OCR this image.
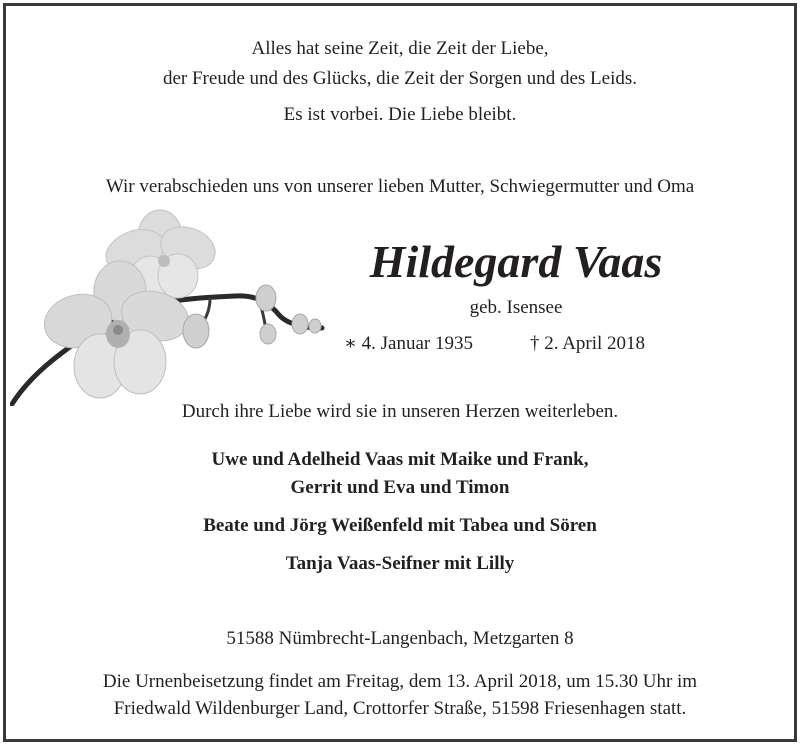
Alles hat seine Zeit, die Zeit der Liebe,
der Freude und des Glücks, die Zeit der Sorgen und des Leids.
Es ist vorbei. Die Liebe bleibt.
Wir verabschieden uns von unserer lieben Mutter, Schwiegermutter und Oma
Hildegard Vaas
geb. Isensee
∗ 4. Januar 1935	† 2. April 2018
Durch ihre Liebe wird sie in unseren Herzen weiterleben.
Uwe und Adelheid Vaas mit Maike und Frank,
Gerrit und Eva und Timon
Beate und Jörg Weißenfeld mit Tabea und Sören
Tanja Vaas-Seifner mit Lilly
51588 Nümbrecht-Langenbach, Metzgarten 8
Die Urnenbeisetzung findet am Freitag, dem 13. April 2018, um 15.30 Uhr im
Friedwald Wildenburger Land, Crottorfer Straße, 51598 Friesenhagen statt.
